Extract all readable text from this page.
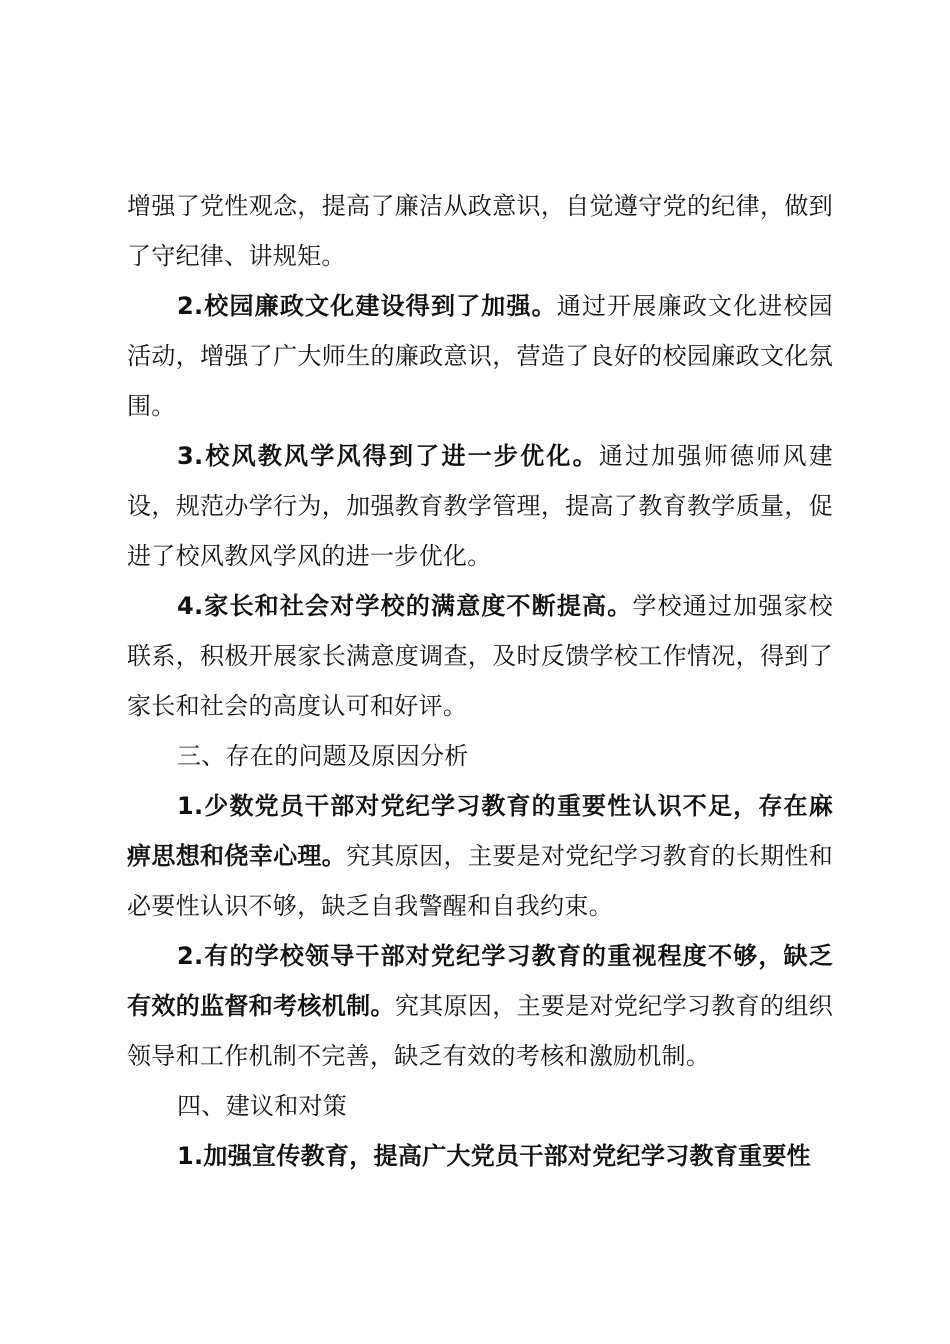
增强了党性观念，提高了廉洁从政意识，自觉遵守党的纪律，做到了守纪律、讲规矩。

2.校园廉政文化建设得到了加强。通过开展廉政文化进校园活动，增强了广大师生的廉政意识，营造了良好的校园廉政文化氛围。

3.校风教风学风得到了进一步优化。通过加强师德师风建设，规范办学行为，加强教育教学管理，提高了教育教学质量，促进了校风教风学风的进一步优化。

4.家长和社会对学校的满意度不断提高。学校通过加强家校联系，积极开展家长满意度调查，及时反馈学校工作情况，得到了家长和社会的高度认可和好评。

三、存在的问题及原因分析

1.少数党员干部对党纪学习教育的重要性认识不足，存在麻痹思想和侥幸心理。究其原因，主要是对党纪学习教育的长期性和必要性认识不够，缺乏自我警醒和自我约束。

2.有的学校领导干部对党纪学习教育的重视程度不够，缺乏有效的监督和考核机制。究其原因，主要是对党纪学习教育的组织领导和工作机制不完善，缺乏有效的考核和激励机制。

四、建议和对策

1.加强宣传教育，提高广大党员干部对党纪学习教育重要性
